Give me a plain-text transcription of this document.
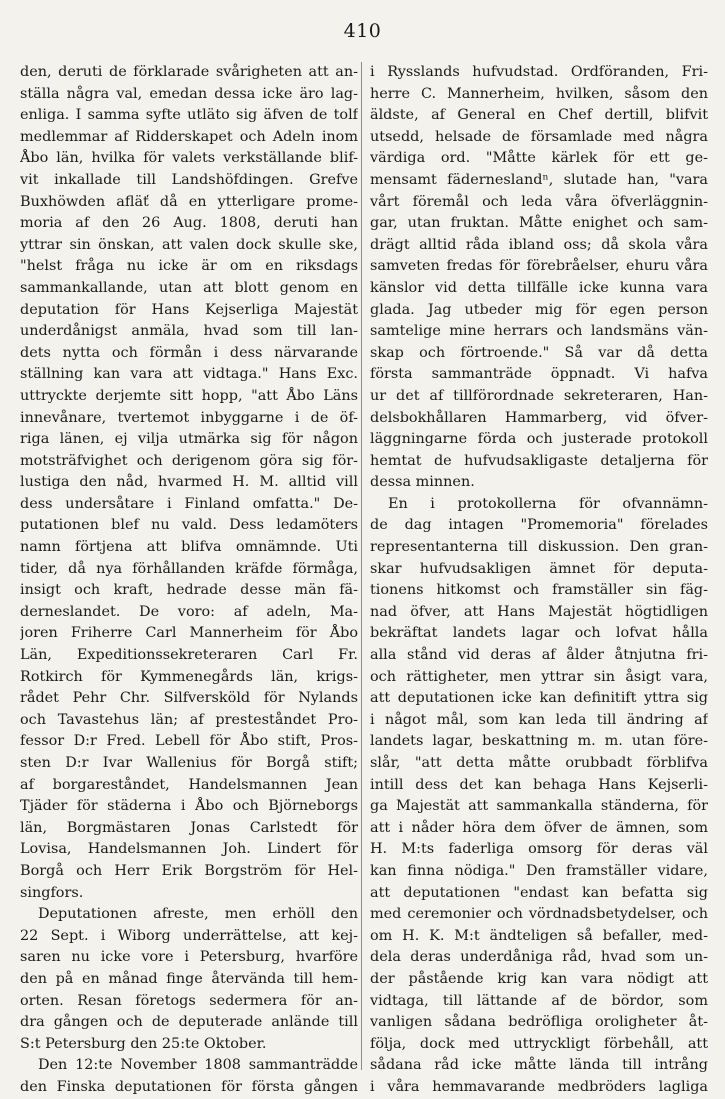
410
den, deruti de förklarade svårigheten att an-
ställa några val, emedan dessa icke äro lag-
enliga. I samma syfte utläto sig äfven de tolf
medlemmar af Ridderskapet och Adeln inom
Åbo län, hvilka för valets verkställande blif-
vit inkallade till Landshöfdingen. Grefve
Buxhöwden afläť då en ytterligare prome-
moria af den 26 Aug. 1808, deruti han
yttrar sin önskan, att valen dock skulle ske,
"helst fråga nu icke är om en riksdags
sammankallande, utan att blott genom en
deputation för Hans Kejserliga Majestät
underdånigst anmäla, hvad som till lan-
dets nytta och förmån i dess närvarande
ställning kan vara att vidtaga." Hans Exc.
uttryckte derjemte sitt hopp, "att Åbo Läns
innevånare, tvertemot inbyggarne i de öf-
riga länen, ej vilja utmärka sig för någon
motsträfvighet och derigenom göra sig för-
lustiga den nåd, hvarmed H. M. alltid vill
dess undersåtare i Finland omfatta." De-
putationen blef nu vald. Dess ledamöters
namn förtjena att blifva omnämnde. Uti
tider, då nya förhållanden kräfde förmåga,
insigt och kraft, hedrade desse män fä-
derneslandet. De voro: af adeln, Ma-
joren Friherre Carl Mannerheim för Åbo
Län, Expeditionssekreteraren Carl Fr.
Rotkirch för Kymmenegårds län, krigs-
rådet Pehr Chr. Silfversköld för Nylands
och Tavastehus län; af presteståndet Pro-
fessor D:r Fred. Lebell för Åbo stift, Pros-
sten D:r Ivar Wallenius för Borgå stift;
af borgareståndet, Handelsmannen Jean
Tjäder för städerna i Åbo och Björneborgs
län, Borgmästaren Jonas Carlstedt för
Lovisa, Handelsmannen Joh. Lindert för
Borgå och Herr Erik Borgström för Hel-
singfors.
Deputationen afreste, men erhöll den
22 Sept. i Wiborg underrättelse, att kej-
saren nu icke vore i Petersburg, hvarföre
den på en månad finge återvända till hem-
orten. Resan företogs sedermera för an-
dra gången och de deputerade anlände till
S:t Petersburg den 25:te Oktober.
Den 12:te November 1808 sammanträdde
den Finska deputationen för första gången
i Rysslands hufvudstad. Ordföranden, Fri-
herre C. Mannerheim, hvilken, såsom den
äldste, af General en Chef dertill, blifvit
utsedd, helsade de församlade med några
värdiga ord. "Måtte kärlek för ett ge-
mensamt fäderneslandⁿ, slutade han, "vara
vårt föremål och leda våra öfverläggnin-
gar, utan fruktan. Måtte enighet och sam-
drägt alltid råda ibland oss; då skola våra
samveten fredas för förebråelser, ehuru våra
känslor vid detta tillfälle icke kunna vara
glada. Jag utbeder mig för egen person
samtelige mine herrars och landsmäns vän-
skap och förtroende." Så var då detta
första sammanträde öppnadt. Vi hafva
ur det af tillförordnade sekreteraren, Han-
delsbokhållaren Hammarberg, vid öfver-
läggningarne förda och justerade protokoll
hemtat de hufvudsakligaste detaljerna för
dessa minnen.
En i protokollerna för ofvannämn-
de dag intagen "Promemoria" förelades
representanterna till diskussion. Den gran-
skar hufvudsakligen ämnet för deputa-
tionens hitkomst och framställer sin fäg-
nad öfver, att Hans Majestät högtidligen
bekräftat landets lagar och lofvat hålla
alla stånd vid deras af ålder åtnjutna fri-
och rättigheter, men yttrar sin åsigt vara,
att deputationen icke kan definitift yttra sig
i något mål, som kan leda till ändring af
landets lagar, beskattning m. m. utan före-
slår, "att detta måtte orubbadt förblifva
intill dess det kan behaga Hans Kejserli-
ga Majestät att sammankalla ständerna, för
att i nåder höra dem öfver de ämnen, som
H. M:ts faderliga omsorg för deras väl
kan finna nödiga." Den framställer vidare,
att deputationen "endast kan befatta sig
med ceremonier och vördnadsbetydelser, och
om H. K. M:t ändteligen så befaller, med-
dela deras underdåniga råd, hvad som un-
der påstående krig kan vara nödigt att
vidtaga, till lättande af de bördor, som
vanligen sådana bedröfliga oroligheter åt-
följa, dock med uttryckligt förbehåll, att
sådana råd icke måtte lända till intrång
i våra hemmavarande medbröders lagliga
